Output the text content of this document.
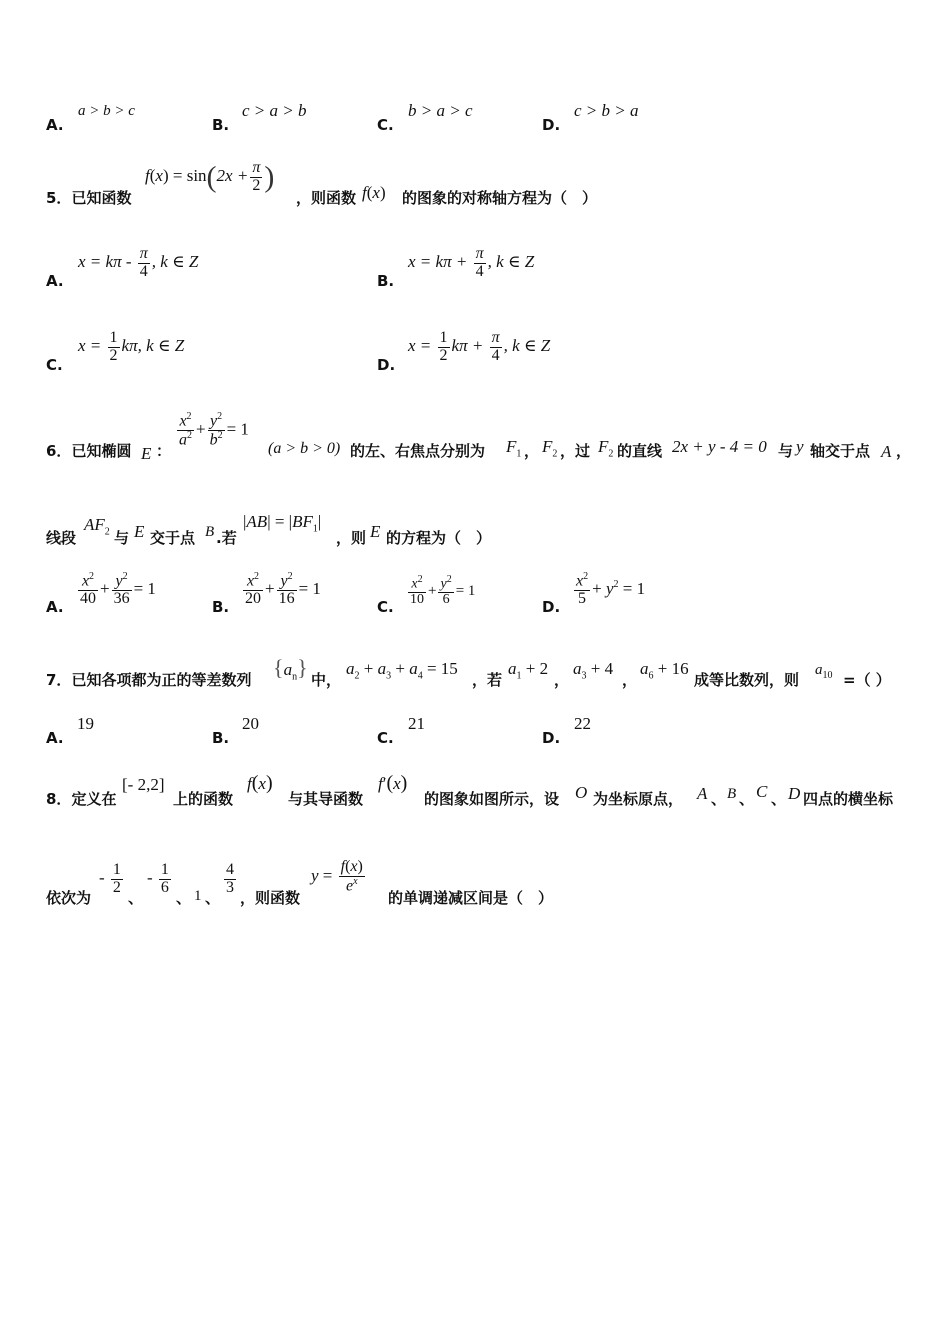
A.
a > b > c
B.
c > a > b
C.
b > a > c
D.
c > b > a
5．已知函数
$f(x) = \sin(2x + \frac{\pi}{2}$ )
，则函数 f(x) 的图象的对称轴方程为（　）
A.
$x = k\pi - \frac{\pi}{4}$ , k ∈ Z
B.
$x = k\pi + \frac{\pi}{4}$ , k ∈ Z
C.
$x = \frac{1}{2} k\pi$, k ∈ Z
D.
$x = \frac{1}{2}$ $k\pi + \frac{\pi}{4}$ , k ∈ Z
6．已知椭圆 E ：
$\frac{x^2}{a^2} + \frac{y^2}{b^2} = 1$
(a > b > 0) 的左、右焦点分别为 $F_1$ ， $F_2$ ，过 $F_2$ 的直线 2x + y - 4 = 0 与 y 轴交于点 A ，
线段
$AF_2$ 与 E 交于点 B .若
$|AB| = |BF_1|$
，则 E 的方程为（　）
A. $\frac{x^2}{40} + \frac{y^2}{36} = 1$
B. $\frac{x^2}{20} + \frac{y^2}{16} = 1$
C. $\frac{x^2}{10} + \frac{y^2}{6} = 1$
D. $\frac{x^2}{5} + y^2 = 1$
7．已知各项都为正的等差数列 $\{a_n\}$ 中，
$a_2 + a_3 + a_4 = 15$
，若
$a_1 + 2$
，
$a_3 + 4$
，
$a_6 + 16$
成等比数列，则
$a_{10}$ =（ ）
A.
19
B.
20
C.
21
D.
22
8．定义在
[- 2,2]
上的函数
f(x)
与其导函数
f′(x)
的图象如图所示，设 O 为坐标原点， A 、 B 、 C 、 D 四点的横坐标
依次为
- $\frac{1}{2}$
、
- $\frac{1}{6}$
、 1 、
$\frac{4}{3}$
，则函数
$y = \frac{f(x)}{e^x}$
的单调递减区间是（　）
